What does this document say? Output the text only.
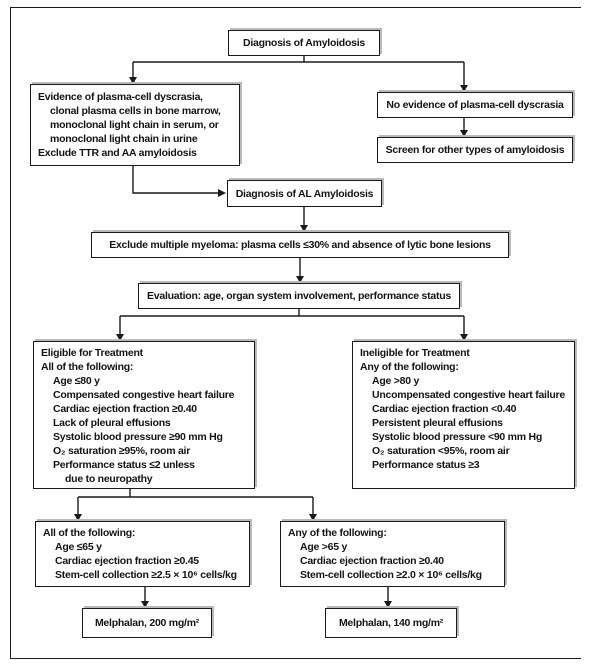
Diagnosis of Amyloidosis
Evidence of plasma-cell dyscrasia,
clonal plasma cells in bone marrow,
monoclonal light chain in serum, or
monoclonal light chain in urine
Exclude TTR and AA amyloidosis
No evidence of plasma-cell dyscrasia
Screen for other types of amyloidosis
Diagnosis of AL Amyloidosis
Exclude multiple myeloma: plasma cells ≤30% and absence of lytic bone lesions
Evaluation: age, organ system involvement, performance status
Eligible for Treatment
All of the following:
Age ≤80 y
Compensated congestive heart failure
Cardiac ejection fraction ≥0.40
Lack of pleural effusions
Systolic blood pressure ≥90 mm Hg
O₂ saturation ≥95%, room air
Performance status ≤2 unless
due to neuropathy
Ineligible for Treatment
Any of the following:
Age >80 y
Uncompensated congestive heart failure
Cardiac ejection fraction <0.40
Persistent pleural effusions
Systolic blood pressure <90 mm Hg
O₂ saturation <95%, room air
Performance status ≥3
All of the following:
Age ≤65 y
Cardiac ejection fraction ≥0.45
Stem-cell collection ≥2.5 × 10⁶ cells/kg
Any of the following:
Age >65 y
Cardiac ejection fraction ≥0.40
Stem-cell collection ≥2.0 × 10⁶ cells/kg
Melphalan, 200 mg/m²	Melphalan, 140 mg/m²
